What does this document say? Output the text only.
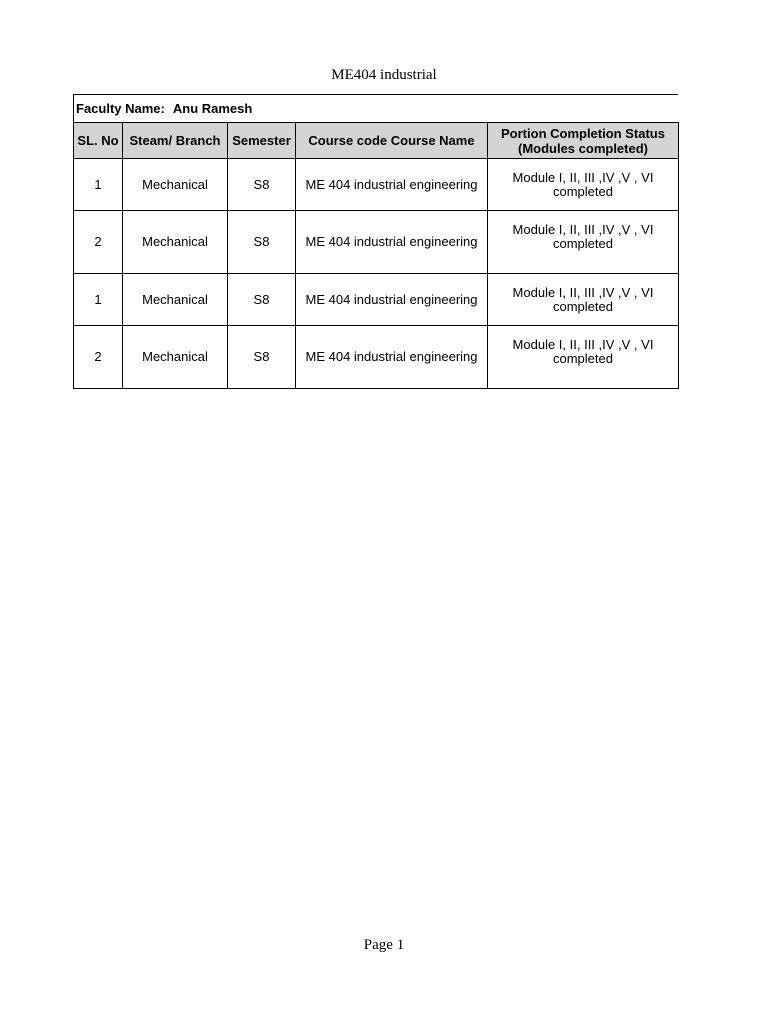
ME404 industrial
Faculty Name: Anu Ramesh
SL. No	Steam/ Branch	Semester	Course code Course Name	Portion Completion Status (Modules completed)
1	Mechanical	S8	ME 404 industrial engineering	Module I, II, III ,IV ,V , VI completed
2	Mechanical	S8	ME 404 industrial engineering	Module I, II, III ,IV ,V , VI completed
1	Mechanical	S8	ME 404 industrial engineering	Module I, II, III ,IV ,V , VI completed
2	Mechanical	S8	ME 404 industrial engineering	Module I, II, III ,IV ,V , VI completed
Page 1
